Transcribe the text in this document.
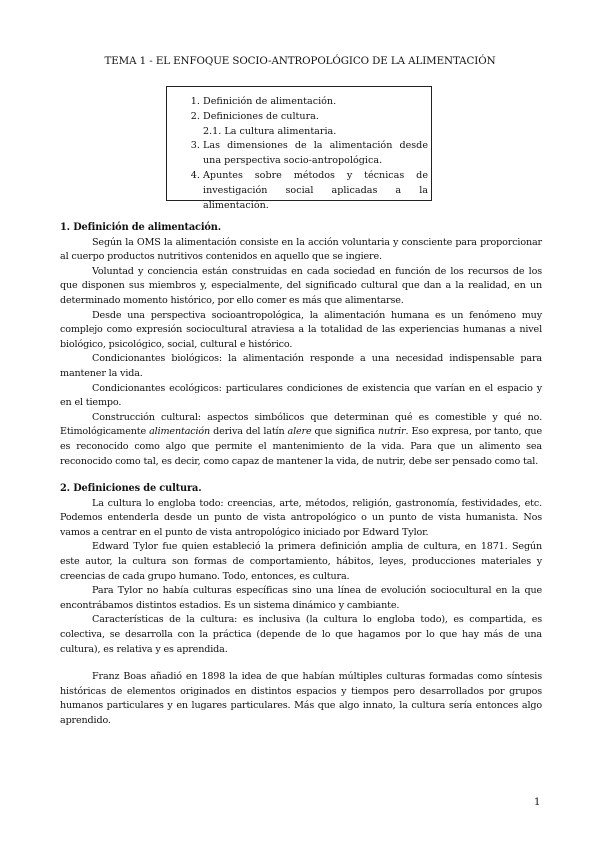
TEMA 1 - EL ENFOQUE SOCIO-ANTROPOLÓGICO DE LA ALIMENTACIÓN
1. Definición de alimentación.
2. Definiciones de cultura.
2.1. La cultura alimentaria.
3. Las dimensiones de la alimentación desde una perspectiva socio-antropológica.
4. Apuntes sobre métodos y técnicas de investigación social aplicadas a la alimentación.
1. Definición de alimentación.

Según la OMS la alimentación consiste en la acción voluntaria y consciente para proporcionar al cuerpo productos nutritivos contenidos en aquello que se ingiere.

Voluntad y conciencia están construidas en cada sociedad en función de los recursos de los que disponen sus miembros y, especialmente, del significado cultural que dan a la realidad, en un determinado momento histórico, por ello comer es más que alimentarse.

Desde una perspectiva socioantropológica, la alimentación humana es un fenómeno muy complejo como expresión sociocultural atraviesa a la totalidad de las experiencias humanas a nivel biológico, psicológico, social, cultural e histórico.

Condicionantes biológicos: la alimentación responde a una necesidad indispensable para mantener la vida.

Condicionantes ecológicos: particulares condiciones de existencia que varían en el espacio y en el tiempo.

Construcción cultural: aspectos simbólicos que determinan qué es comestible y qué no. Etimológicamente alimentación deriva del latín alere que significa nutrir. Eso expresa, por tanto, que es reconocido como algo que permite el mantenimiento de la vida. Para que un alimento sea reconocido como tal, es decir, como capaz de mantener la vida, de nutrir, debe ser pensado como tal.

2. Definiciones de cultura.

La cultura lo engloba todo: creencias, arte, métodos, religión, gastronomía, festividades, etc. Podemos entenderla desde un punto de vista antropológico o un punto de vista humanista. Nos vamos a centrar en el punto de vista antropológico iniciado por Edward Tylor.

Edward Tylor fue quien estableció la primera definición amplia de cultura, en 1871. Según este autor, la cultura son formas de comportamiento, hábitos, leyes, producciones materiales y creencias de cada grupo humano. Todo, entonces, es cultura.

Para Tylor no había culturas específicas sino una línea de evolución sociocultural en la que encontrábamos distintos estadios. Es un sistema dinámico y cambiante.

Características de la cultura: es inclusiva (la cultura lo engloba todo), es compartida, es colectiva, se desarrolla con la práctica (depende de lo que hagamos por lo que hay más de una cultura), es relativa y es aprendida.

Franz Boas añadió en 1898 la idea de que habían múltiples culturas formadas como síntesis históricas de elementos originados en distintos espacios y tiempos pero desarrollados por grupos humanos particulares y en lugares particulares. Más que algo innato, la cultura sería entonces algo aprendido.

1
